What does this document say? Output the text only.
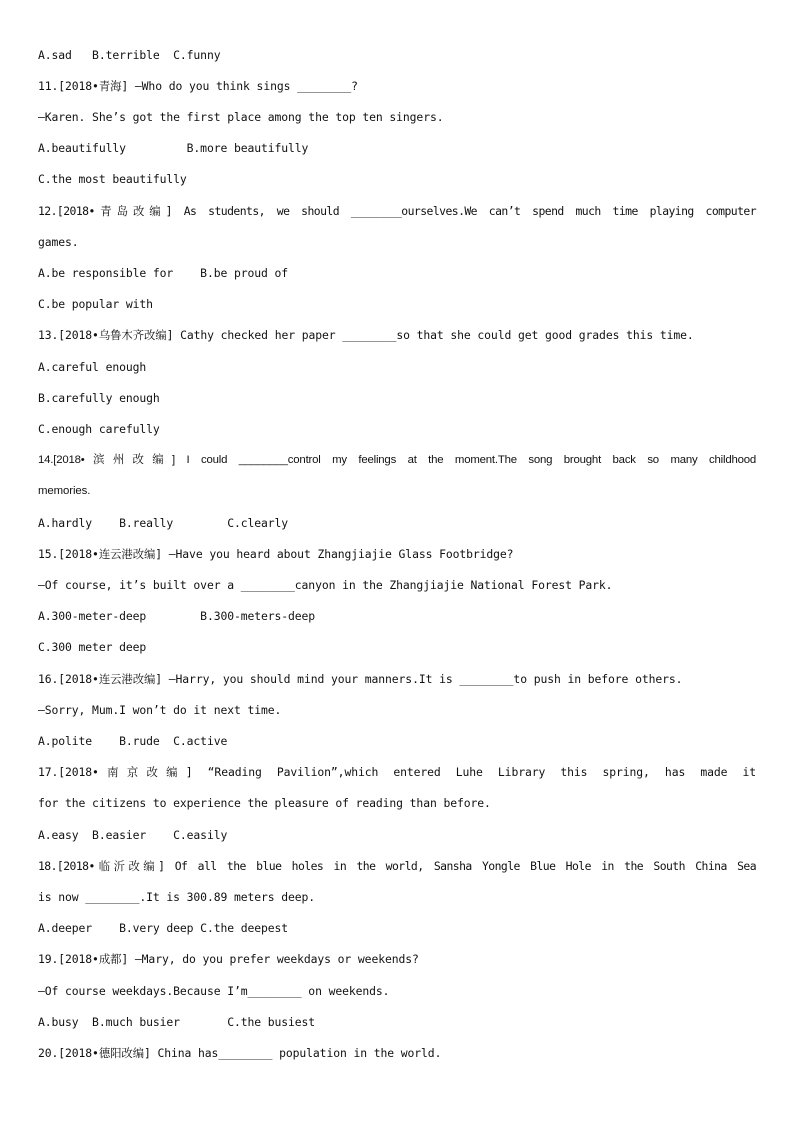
A.sad   B.terrible  C.funny
11.[2018•青海] —Who do you think sings ________?
—Karen. She’s got the first place among the top ten singers.
A.beautifully         B.more beautifully
C.the most beautifully
12.[2018•青岛改编] As students, we should ________ourselves.We can’t spend much time playing computer
games.
A.be responsible for    B.be proud of
C.be popular with
13.[2018•乌鲁木齐改编] Cathy checked her paper ________so that she could get good grades this time.
A.careful enough
B.carefully enough
C.enough carefully
14.[2018•滨州改编] I could ________control my feelings at the moment.The song brought back so many childhood
memories.
A.hardly    B.really        C.clearly
15.[2018•连云港改编] —Have you heard about Zhangjiajie Glass Footbridge?
—Of course, it’s built over a ________canyon in the Zhangjiajie National Forest Park.
A.300-meter-deep        B.300-meters-deep
C.300 meter deep
16.[2018•连云港改编] —Harry, you should mind your manners.It is ________to push in before others.
—Sorry, Mum.I won’t do it next time.
A.polite    B.rude  C.active
17.[2018•南京改编] “Reading Pavilion”,which entered Luhe Library this spring, has made it
for the citizens to experience the pleasure of reading than before.
A.easy  B.easier    C.easily
18.[2018•临沂改编] Of all the blue holes in the world, Sansha Yongle Blue Hole in the South China Sea
is now ________.It is 300.89 meters deep.
A.deeper    B.very deep C.the deepest
19.[2018•成都] —Mary, do you prefer weekdays or weekends?
—Of course weekdays.Because I’m________ on weekends.
A.busy  B.much busier       C.the busiest
20.[2018•德阳改编] China has________ population in the world.
